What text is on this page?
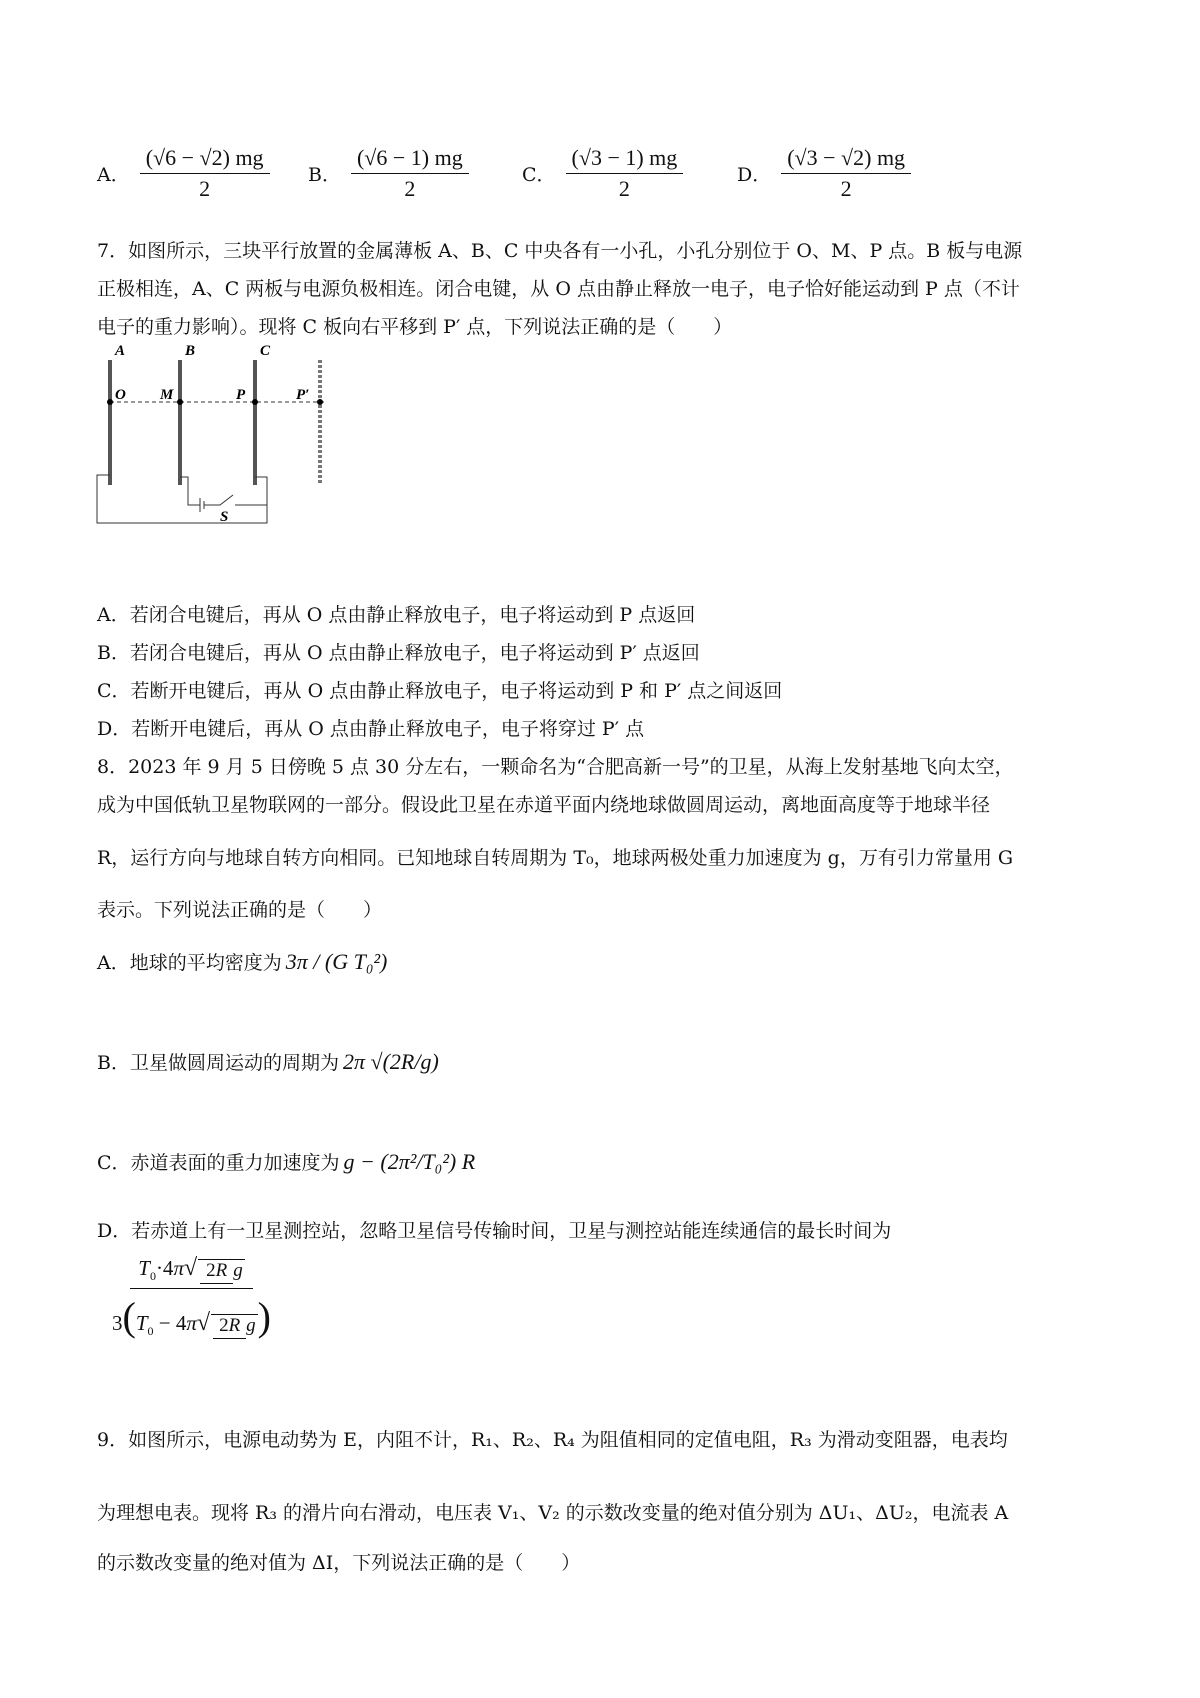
A． $\frac{(√6 - √2) mg}{2}$ B． $\frac{(√6 - 1) mg}{2}$	C． $\frac{(√3 - 1) mg}{2}$	D． $\frac{(√3 - √2) mg}{2}$
7．如图所示，三块平行放置的金属薄板 A、B、C 中央各有一小孔，小孔分别位于 O、M、P 点。B 板与电源
正极相连，A、C 两板与电源负极相连。闭合电键，从 O 点由静止释放一电子，电子恰好能运动到 P 点（不计
电子的重力影响）。现将 C 板向右平移到 P′ 点，下列说法正确的是（　　）
A	B	C
O M	P	P′
S
A．若闭合电键后，再从 O 点由静止释放电子，电子将运动到 P 点返回
B．若闭合电键后，再从 O 点由静止释放电子，电子将运动到 P′ 点返回
C．若断开电键后，再从 O 点由静止释放电子，电子将运动到 P 和 P′ 点之间返回
D．若断开电键后，再从 O 点由静止释放电子，电子将穿过 P′ 点
8．2023 年 9 月 5 日傍晚 5 点 30 分左右，一颗命名为“合肥高新一号”的卫星，从海上发射基地飞向太空，
成为中国低轨卫星物联网的一部分。假设此卫星在赤道平面内绕地球做圆周运动，离地面高度等于地球半径
R，运行方向与地球自转方向相同。已知地球自转周期为 T₀，地球两极处重力加速度为 g，万有引力常量用 G
表示。下列说法正确的是（　　）
A．地球的平均密度为 3π / (G T₀²)
B．卫星做圆周运动的周期为 2π √(2R/g)
C．赤道表面的重力加速度为 g − (2π²/T₀²) R
D．若赤道上有一卫星测控站，忽略卫星信号传输时间，卫星与测控站能连续通信的最长时间为
$\frac{T_0\cdot 4\pi√ 2R g}{3(T_0 - 4\pi√ 2R g)}$
9．如图所示，电源电动势为 E，内阻不计，R₁、R₂、R₄ 为阻值相同的定值电阻，R₃ 为滑动变阻器，电表均
为理想电表。现将 R₃ 的滑片向右滑动，电压表 V₁、V₂ 的示数改变量的绝对值分别为 ΔU₁、ΔU₂，电流表 A
的示数改变量的绝对值为 ΔI，下列说法正确的是（　　）
